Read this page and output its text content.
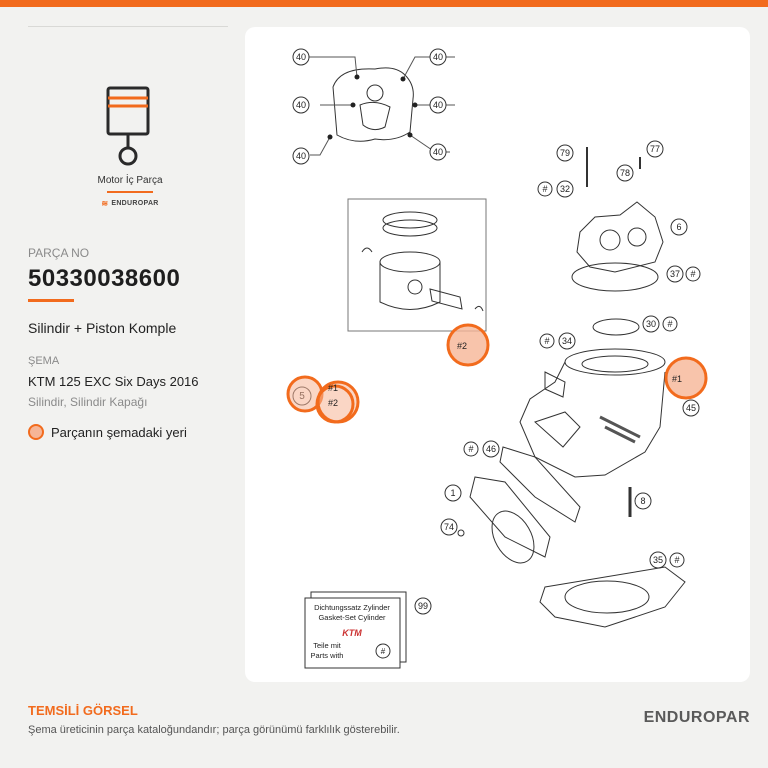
Motor İç Parça
≋ ENDUROPAR
PARÇA NO
50330038600
Silindir + Piston Komple
ŞEMA
KTM 125 EXC Six Days 2016
Silindir, Silindir Kapağı
Parçanın şemadaki yeri
40	40
40	40
40	40
Dichtungssatz Zylinder
Gasket-Set Cylinder
KTM
Teile mit
Parts with	#
79	77
# 32
78
6
37 #
30 #
# 34
45
# 46
1
8
74
35 #
99
#2
#1
#2
#1
TEMSİLİ GÖRSEL
Şema üreticinin parça kataloğundandır; parça görünümü farklılık gösterebilir.
ENDUROPAR
